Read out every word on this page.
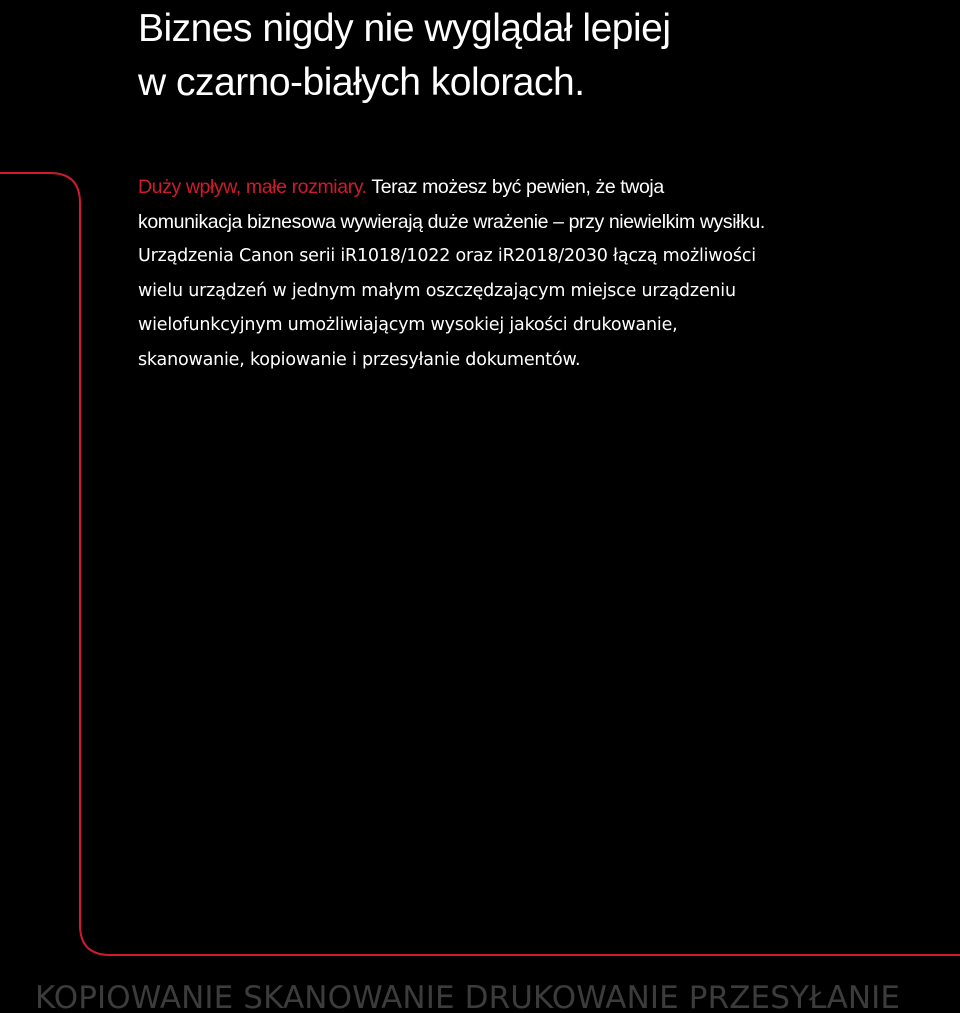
Biznes nigdy nie wyglądał lepiej
w czarno-białych kolorach.
Duży wpływ, małe rozmiary. Teraz możesz być pewien, że twoja
komunikacja biznesowa wywierają duże wrażenie – przy niewielkim wysiłku.
Urządzenia Canon serii iR1018/1022 oraz iR2018/2030 łączą możliwości
wielu urządzeń w jednym małym oszczędzającym miejsce urządzeniu
wielofunkcyjnym umożliwiającym wysokiej jakości drukowanie,
skanowanie, kopiowanie i przesyłanie dokumentów.

KOPIOWANIE SKANOWANIE DRUKOWANIE PRZESYŁANIE
